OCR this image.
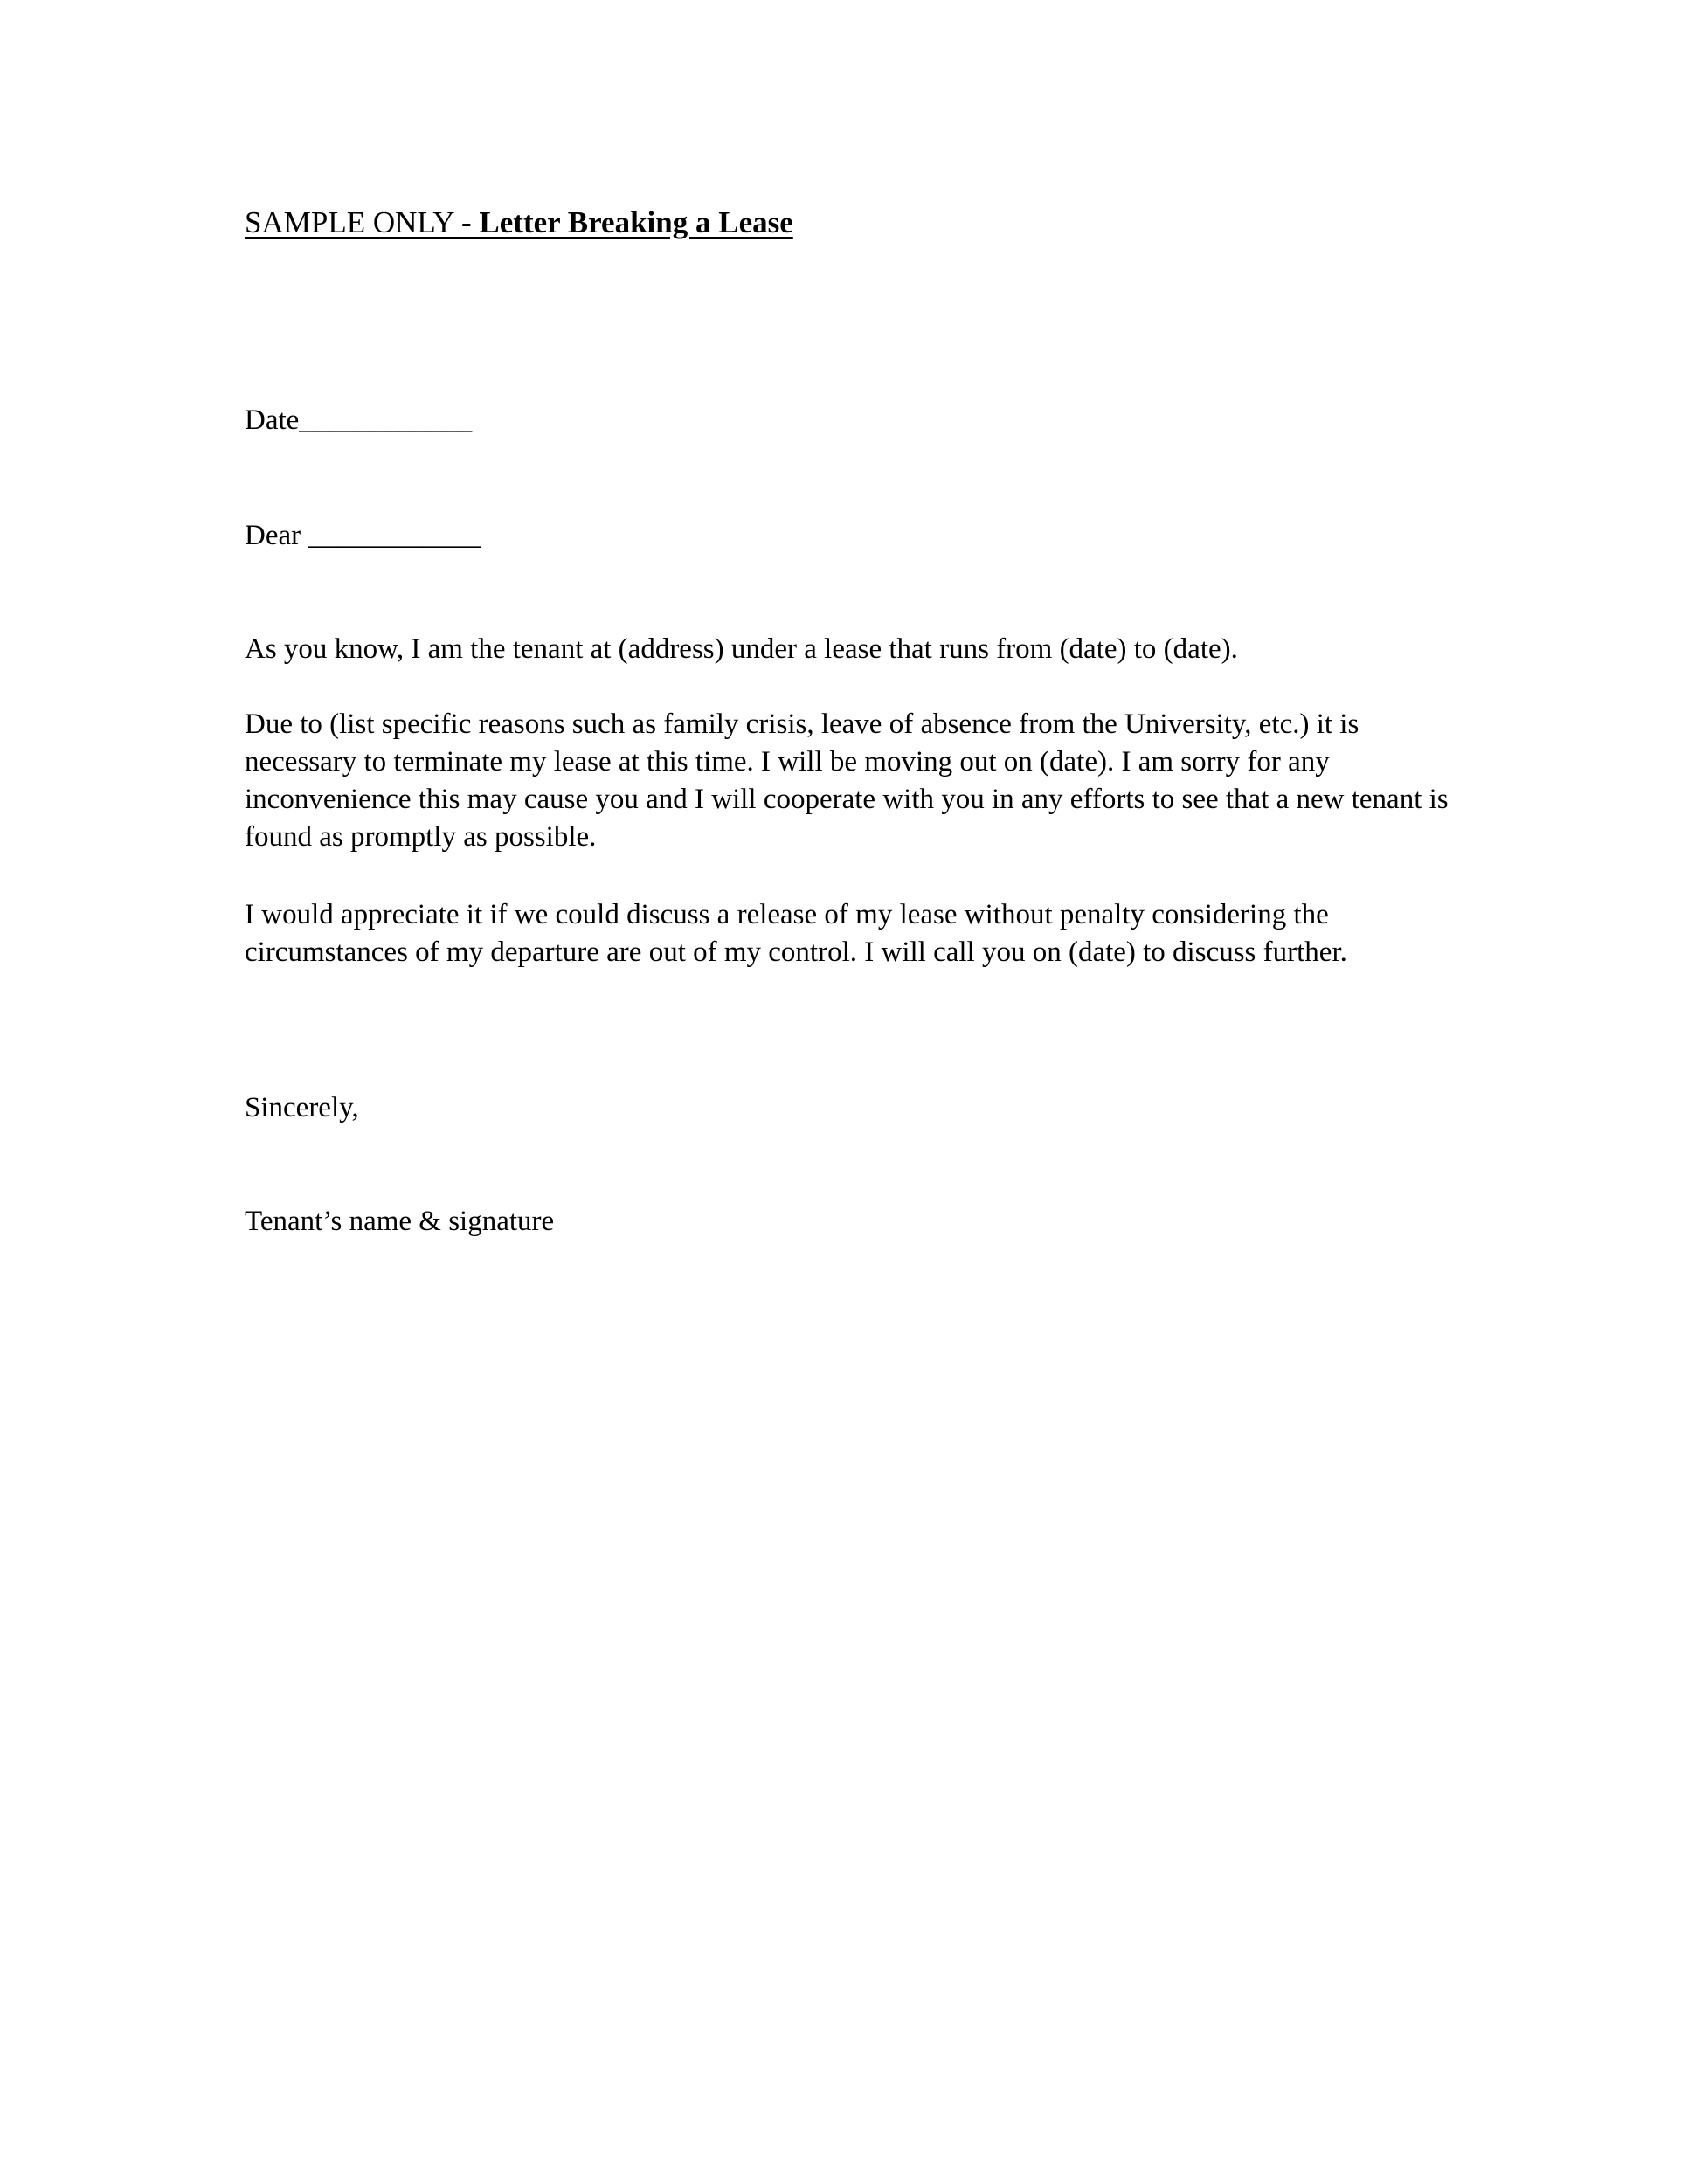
SAMPLE ONLY - Letter Breaking a Lease
Date____________
Dear ____________

As you know, I am the tenant at (address) under a lease that runs from (date) to (date).

Due to (list specific reasons such as family crisis, leave of absence from the University, etc.) it is necessary to terminate my lease at this time. I will be moving out on (date). I am sorry for any inconvenience this may cause you and I will cooperate with you in any efforts to see that a new tenant is found as promptly as possible.

I would appreciate it if we could discuss a release of my lease without penalty considering the circumstances of my departure are out of my control. I will call you on (date) to discuss further.

Sincerely,
Tenant’s name & signature
